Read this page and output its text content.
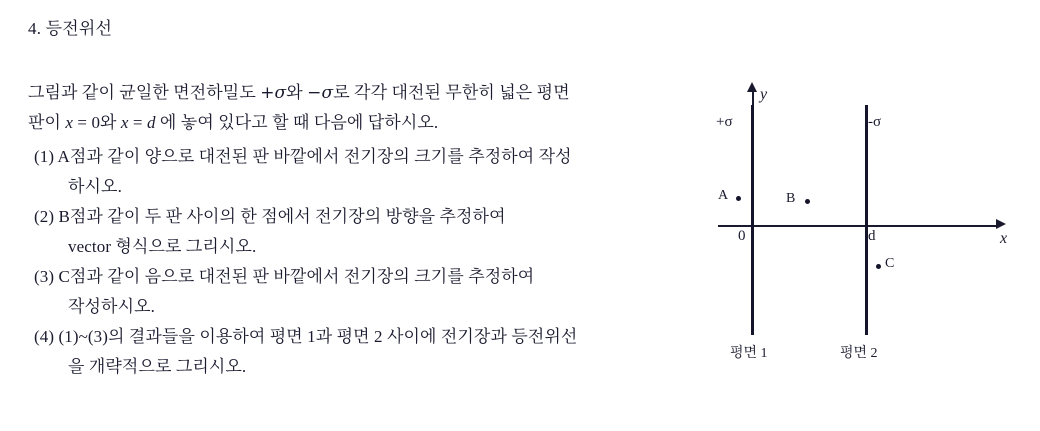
4. 등전위선
그림과 같이 균일한 면전하밀도 +σ와 −σ로 각각 대전된 무한히 넓은 평면
판이 x = 0와 x = d 에 놓여 있다고 할 때 다음에 답하시오.
(1) A점과 같이 양으로 대전된 판 바깥에서 전기장의 크기를 추정하여 작성
하시오.
(2) B점과 같이 두 판 사이의 한 점에서 전기장의 방향을 추정하여
vector 형식으로 그리시오.
(3) C점과 같이 음으로 대전된 판 바깥에서 전기장의 크기를 추정하여
작성하시오.
(4) (1)~(3)의 결과들을 이용하여 평면 1과 평면 2 사이에 전기장과 등전위선
을 개략적으로 그리시오.
y
x
+σ	-σ
0	d
평면 1	평면 2
A	B
C
